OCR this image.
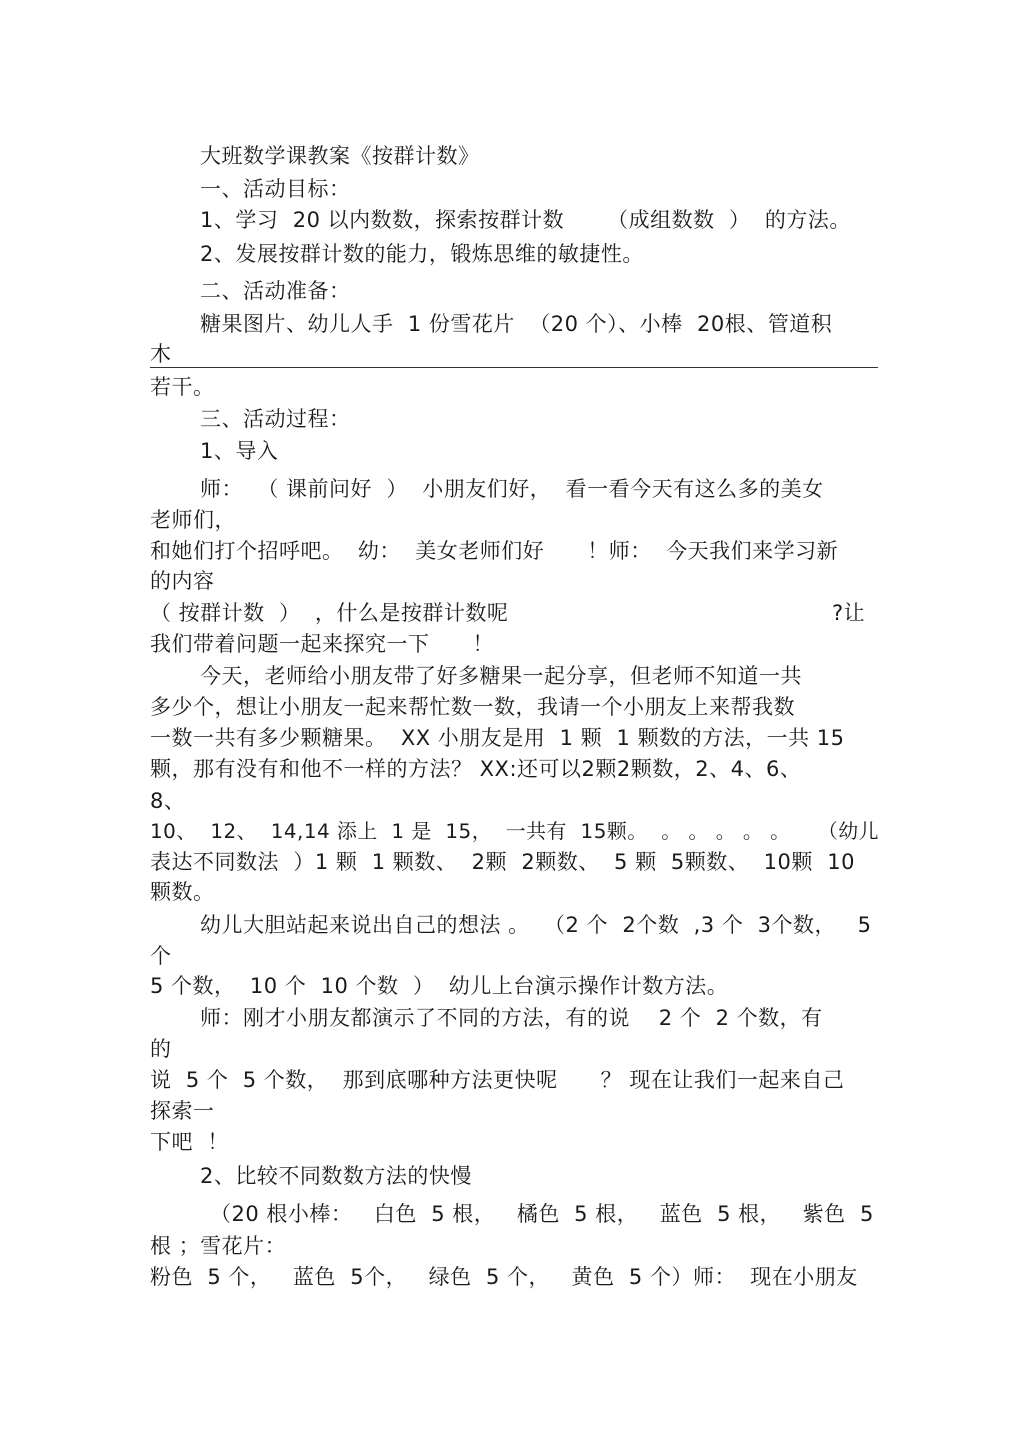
大班数学课教案《按群计数》
一、活动目标：
1、学习  20 以内数数，探索按群计数      （成组数数  ）  的方法。
2、发展按群计数的能力，锻炼思维的敏捷性。
二、活动准备：
糖果图片、幼儿人手  1 份雪花片  （20 个）、小棒  20根、管道积
木
若干。
三、活动过程：
1、导入
师：  （ 课前问好  ）  小朋友们好，  看一看今天有这么多的美女
老师们，
和她们打个招呼吧。  幼：  美女老师们好      ！师：  今天我们来学习新
的内容
（ 按群计数  ）  ，什么是按群计数呢	?让
我们带着问题一起来探究一下      ！
今天，老师给小朋友带了好多糖果一起分享，但老师不知道一共
多少个，想让小朋友一起来帮忙数一数，我请一个小朋友上来帮我数
一数一共有多少颗糖果。  XX 小朋友是用  1 颗  1 颗数的方法，一共 15
颗，那有没有和他不一样的方法？ XX:还可以2颗2颗数，2、4、6、
8、
10、  12、  14,14 添上  1 是  15，  一共有  15颗。  。 。 。 。 。    （幼儿
表达不同数法  ）1 颗  1 颗数、  2颗  2颗数、  5 颗  5颗数、  10颗  10
颗数。
幼儿大胆站起来说出自己的想法 。  （2 个  2个数  ,3 个  3个数，   5
个
5 个数，  10 个  10 个数  ）  幼儿上台演示操作计数方法。
师：刚才小朋友都演示了不同的方法，有的说    2 个  2 个数，有
的
说  5 个  5 个数，  那到底哪种方法更快呢      ？ 现在让我们一起来自己
探索一
下吧  ！
2、比较不同数数方法的快慢
（20 根小棒：   白色  5 根，   橘色  5 根，   蓝色  5 根，   紫色  5
根 ；雪花片：
粉色  5 个，   蓝色  5个，   绿色  5 个，   黄色  5 个）师：  现在小朋友
